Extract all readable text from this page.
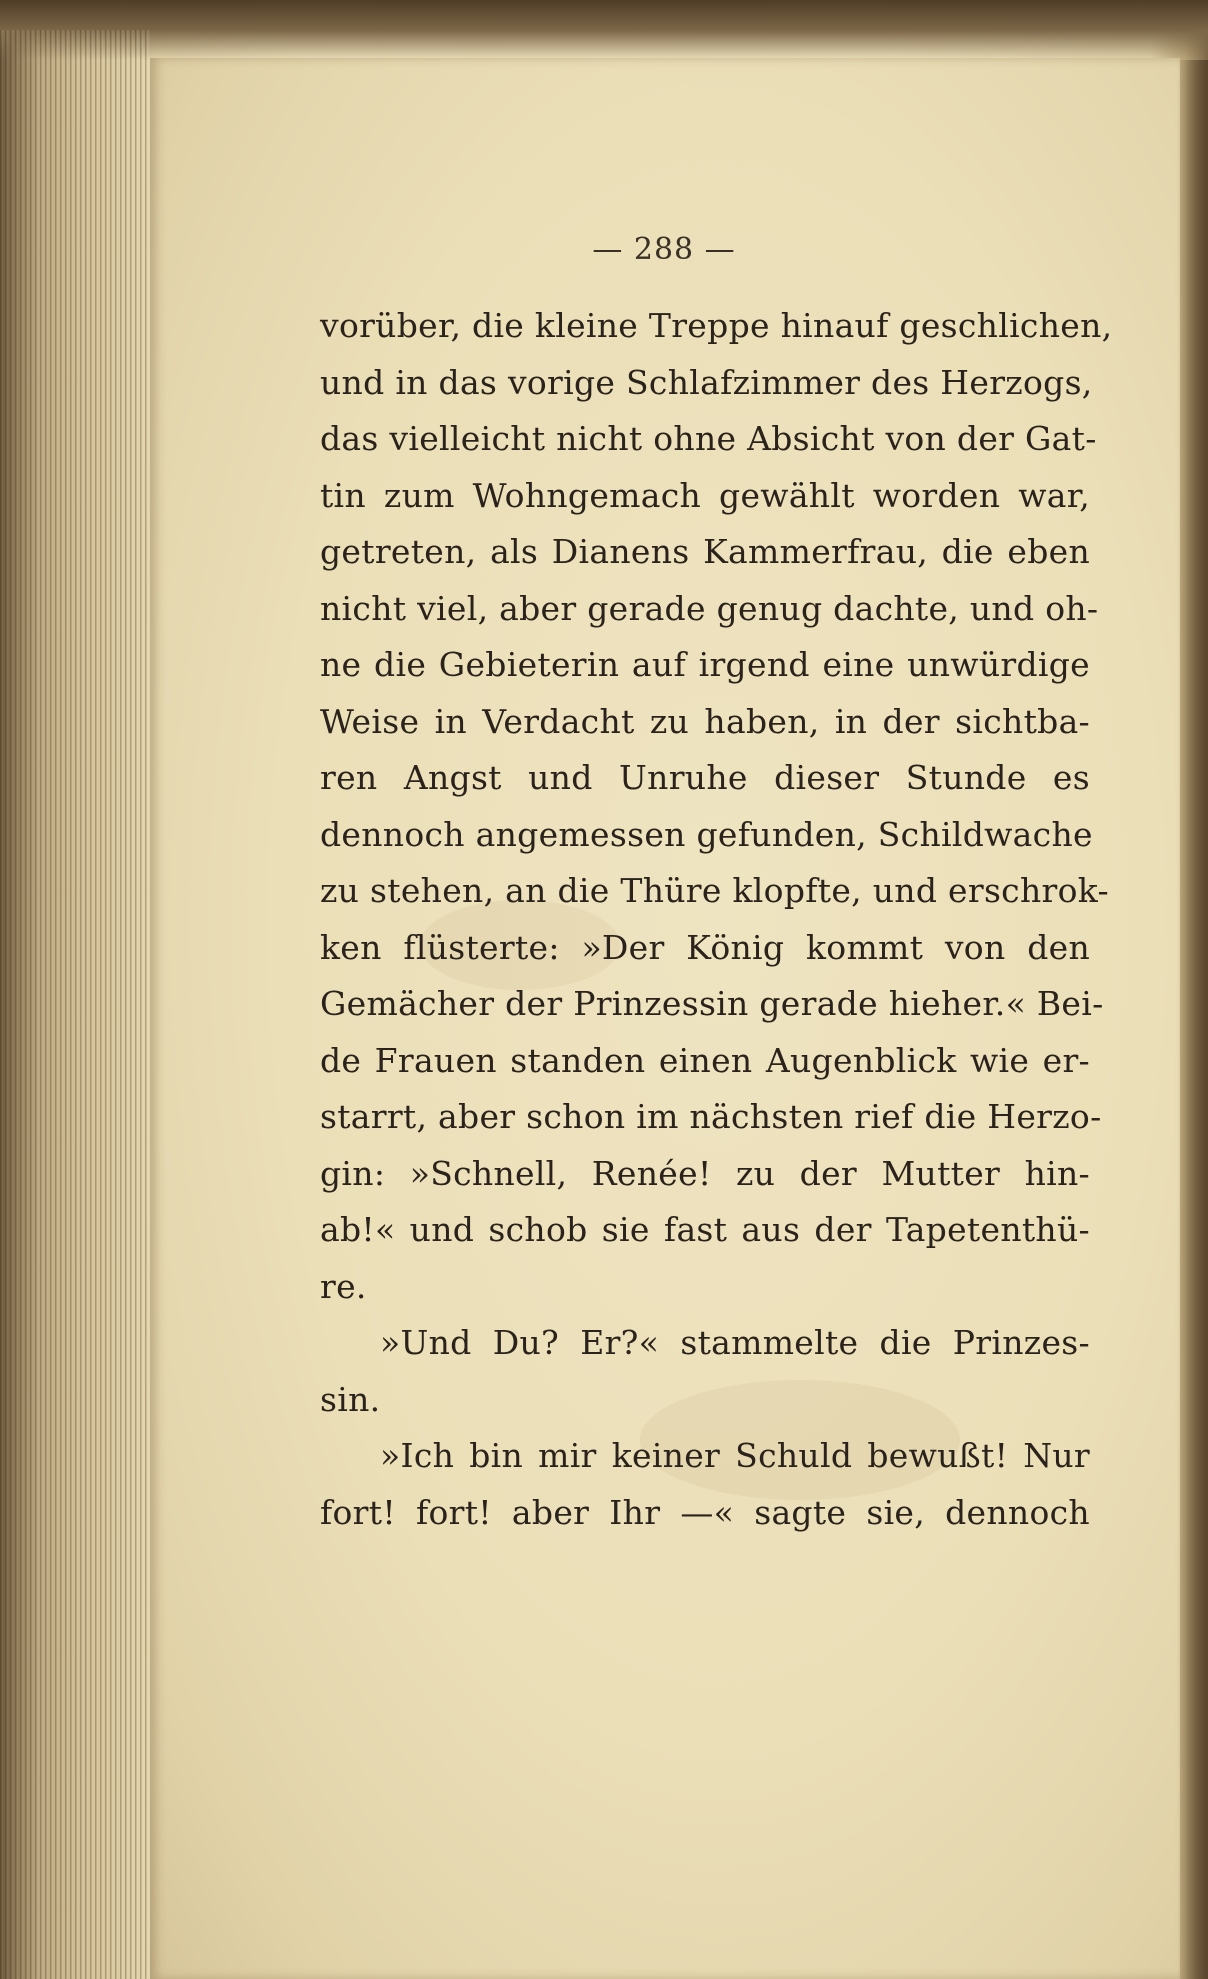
— 288 —
vorüber, die kleine Treppe hinauf geschlichen,
und in das vorige Schlafzimmer des Herzogs,
das vielleicht nicht ohne Absicht von der Gat-
tin zum Wohngemach gewählt worden war,
getreten, als Dianens Kammerfrau, die eben
nicht viel, aber gerade genug dachte, und oh-
ne die Gebieterin auf irgend eine unwürdige
Weise in Verdacht zu haben, in der sichtba-
ren Angst und Unruhe dieser Stunde es
dennoch angemessen gefunden, Schildwache
zu stehen, an die Thüre klopfte, und erschrok-
ken flüsterte: »Der König kommt von den
Gemächer der Prinzessin gerade hieher.« Bei-
de Frauen standen einen Augenblick wie er-
starrt, aber schon im nächsten rief die Herzo-
gin: »Schnell, Renée! zu der Mutter hin-
ab!« und schob sie fast aus der Tapetenthü-
re.
»Und Du? Er?« stammelte die Prinzes-
sin.
»Ich bin mir keiner Schuld bewußt! Nur
fort! fort! aber Ihr —« sagte sie, dennoch
